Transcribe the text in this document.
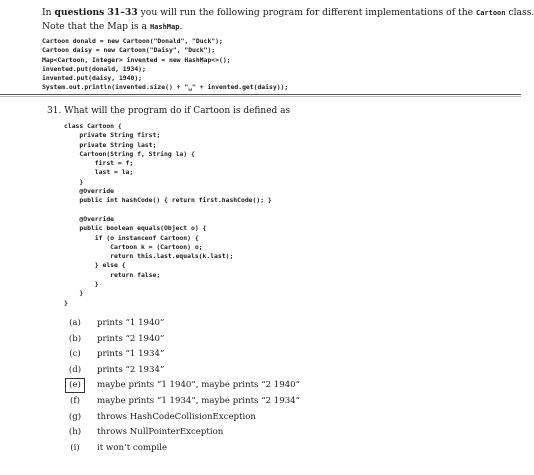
In questions 31–33 you will run the following program for different implementations of the Cartoon class.
Note that the Map is a HashMap.
Cartoon donald = new Cartoon("Donald", "Duck");
Cartoon daisy = new Cartoon("Daisy", "Duck");
Map<Cartoon, Integer> invented = new HashMap<>();
invented.put(donald, 1934);
invented.put(daisy, 1940);
System.out.println(invented.size() + "␣" + invented.get(daisy));
31. What will the program do if Cartoon is defined as
class Cartoon {
private String first;
private String last;
Cartoon(String f, String la) {
first = f;
last = la;
}
@Override
public int hashCode() { return first.hashCode(); }

@Override
public boolean equals(Object o) {
if (o instanceof Cartoon) {
Cartoon k = (Cartoon) o;
return this.last.equals(k.last);
} else {
return false;
}
}
}
(a)	prints “1 1940”
(b)	prints “2 1940”
(c)	prints “1 1934”
(d)	prints “2 1934”
(e)	maybe prints “1 1940”, maybe prints “2 1940”
(f)	maybe prints “1 1934”, maybe prints “2 1934”
(g)	throws HashCodeCollisionException
(h)	throws NullPointerException
(i)	it won’t compile
